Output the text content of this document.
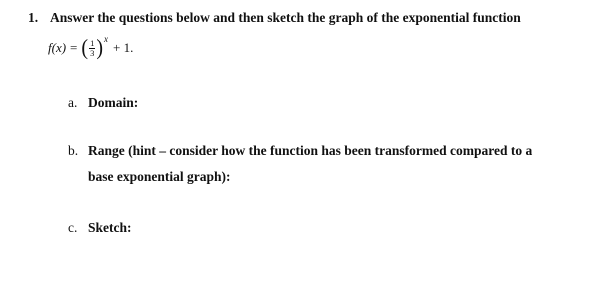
1. Answer the questions below and then sketch the graph of the exponential function
f(x) = ( $\frac{1}{3}$ ) x
+ 1.
a. Domain:
b. Range (hint – consider how the function has been transformed compared to a
base exponential graph):
c. Sketch:
